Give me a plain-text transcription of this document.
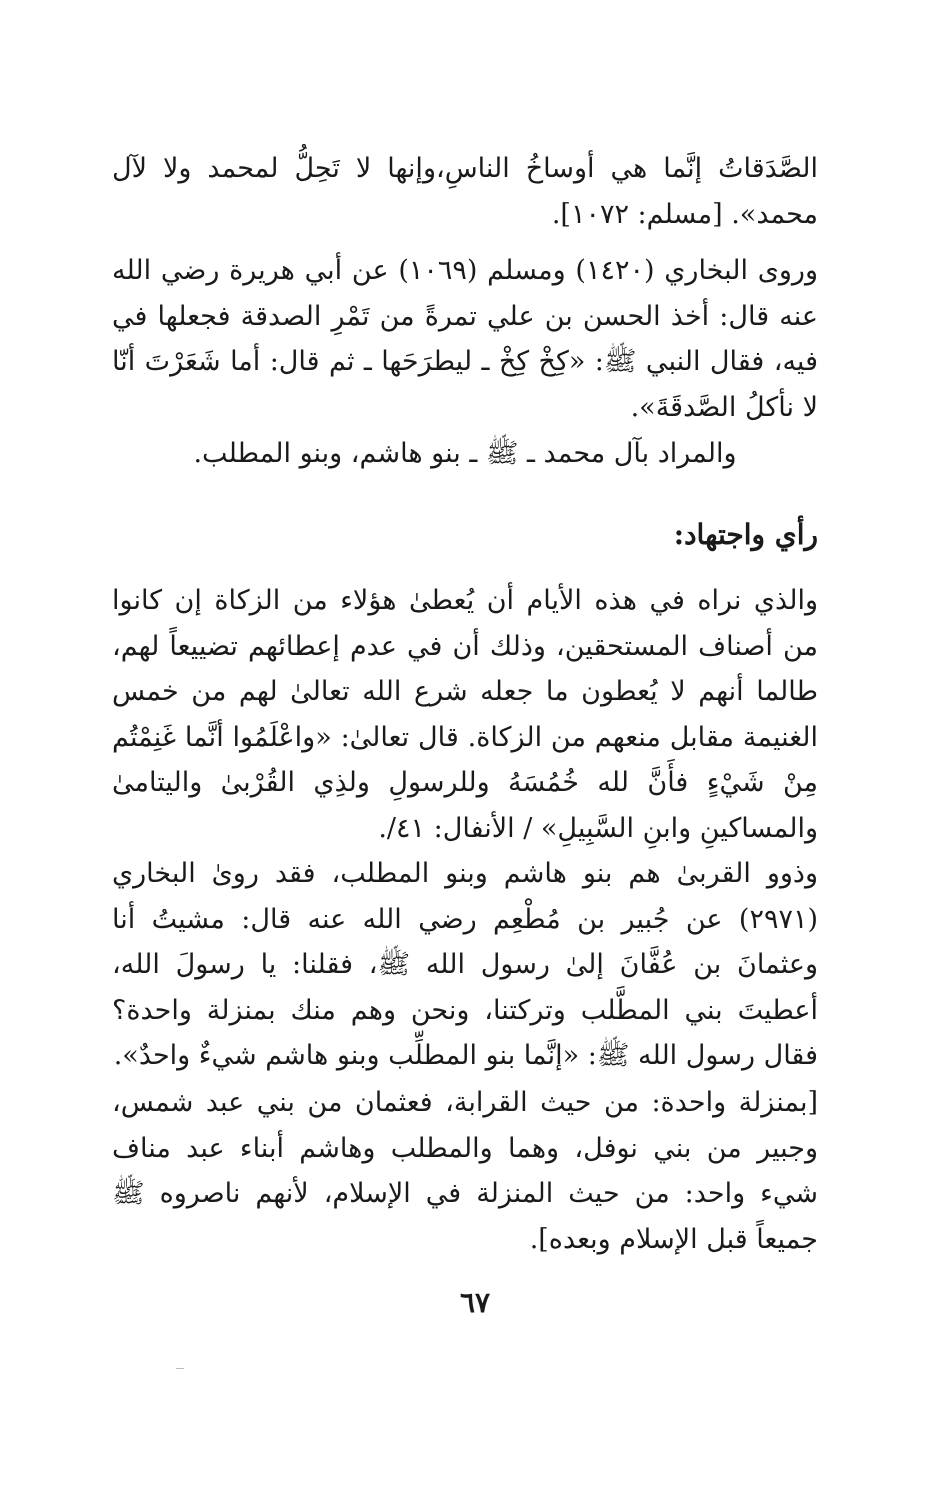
الصَّدَقاتُ إنَّما هي أوساخُ الناسِ،وإنها لا تَحِلُّ لمحمد ولا لآل محمد». [مسلم: ١٠٧٢].

وروى البخاري (١٤٢٠) ومسلم (١٠٦٩) عن أبي هريرة رضي الله عنه قال: أخذ الحسن بن علي تمرةً من تَمْرِ الصدقة فجعلها في فيه، فقال النبي ﷺ: «كِخْ كِخْ ـ ليطرَحَها ـ ثم قال: أما شَعَرْتَ أنّا لا نأكلُ الصَّدقَةَ».

والمراد بآل محمد ـ ﷺ ـ بنو هاشم، وبنو المطلب.

رأي واجتهاد:

والذي نراه في هذه الأيام أن يُعطىٰ هؤلاء من الزكاة إن كانوا من أصناف المستحقين، وذلك أن في عدم إعطائهم تضييعاً لهم، طالما أنهم لا يُعطون ما جعله شرع الله تعالىٰ لهم من خمس الغنيمة مقابل منعهم من الزكاة. قال تعالىٰ: «واعْلَمُوا أنَّما غَنِمْتُم مِنْ شَيْءٍ فأَنَّ لله خُمُسَهُ وللرسولِ ولذِي القُرْبىٰ واليتامىٰ والمساكينِ وابنِ السَّبِيلِ» / الأنفال: ٤١/.

وذوو القربىٰ هم بنو هاشم وبنو المطلب، فقد روىٰ البخاري (٢٩٧١) عن جُبير بن مُطْعِم رضي الله عنه قال: مشيتُ أنا وعثمانَ بن عُفَّانَ إلىٰ رسول الله ﷺ، فقلنا: يا رسولَ الله، أعطيتَ بني المطَّلب وتركتنا، ونحن وهم منك بمنزلة واحدة؟ فقال رسول الله ﷺ: «إنَّما بنو المطلِّب وبنو هاشم شيءٌ واحدٌ».

[بمنزلة واحدة: من حيث القرابة، فعثمان من بني عبد شمس، وجبير من بني نوفل، وهما والمطلب وهاشم أبناء عبد مناف شيء واحد: من حيث المنزلة في الإسلام، لأنهم ناصروه ﷺ جميعاً قبل الإسلام وبعده].

٦٧
